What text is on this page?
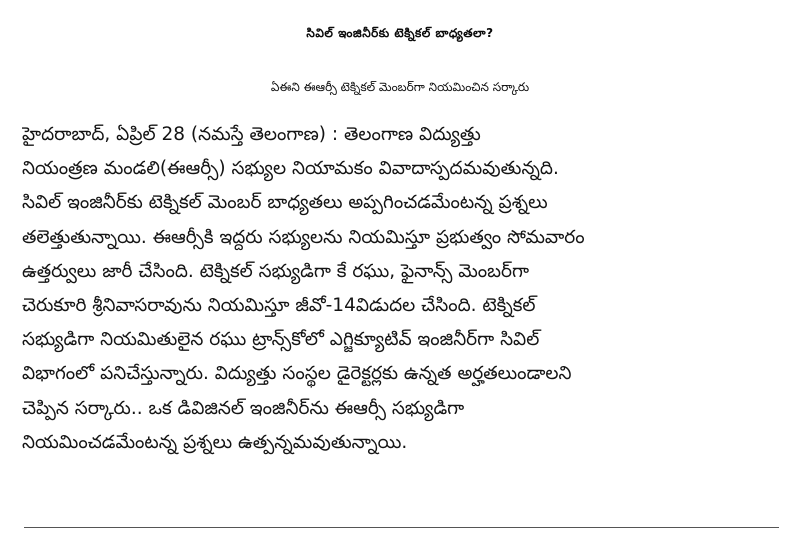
సివిల్ ఇంజినీర్‌కు టెక్నికల్ బాధ్యతలా?
ఏఈని ఈఆర్సీ టెక్నికల్ మెంబర్‌గా నియమించిన సర్కారు
హైదరాబాద్, ఏప్రిల్ 28 (నమస్తే తెలంగాణ) : తెలంగాణ విద్యుత్తు
నియంత్రణ మండలి(ఈఆర్సీ) సభ్యుల నియామకం వివాదాస్పదమవుతున్నది.
సివిల్ ఇంజినీర్‌కు టెక్నికల్ మెంబర్ బాధ్యతలు అప్పగించడమేంటన్న ప్రశ్నలు
తలెత్తుతున్నాయి. ఈఆర్సీకి ఇద్దరు సభ్యులను నియమిస్తూ ప్రభుత్వం సోమవారం
ఉత్తర్వులు జారీ చేసింది. టెక్నికల్ సభ్యుడిగా కే రఘు, ఫైనాన్స్ మెంబర్‌గా
చెరుకూరి శ్రీనివాసరావును నియమిస్తూ జీవో-14విడుదల చేసింది. టెక్నికల్
సభ్యుడిగా నియమితులైన రఘు ట్రాన్స్‌కోలో ఎగ్జిక్యూటివ్ ఇంజినీర్‌గా సివిల్
విభాగంలో పనిచేస్తున్నారు. విద్యుత్తు సంస్థల డైరెక్టర్లకు ఉన్నత అర్హతలుండాలని
చెప్పిన సర్కారు.. ఒక డివిజినల్ ఇంజినీర్‌ను ఈఆర్సీ సభ్యుడిగా
నియమించడమేంటన్న ప్రశ్నలు ఉత్పన్నమవుతున్నాయి.
